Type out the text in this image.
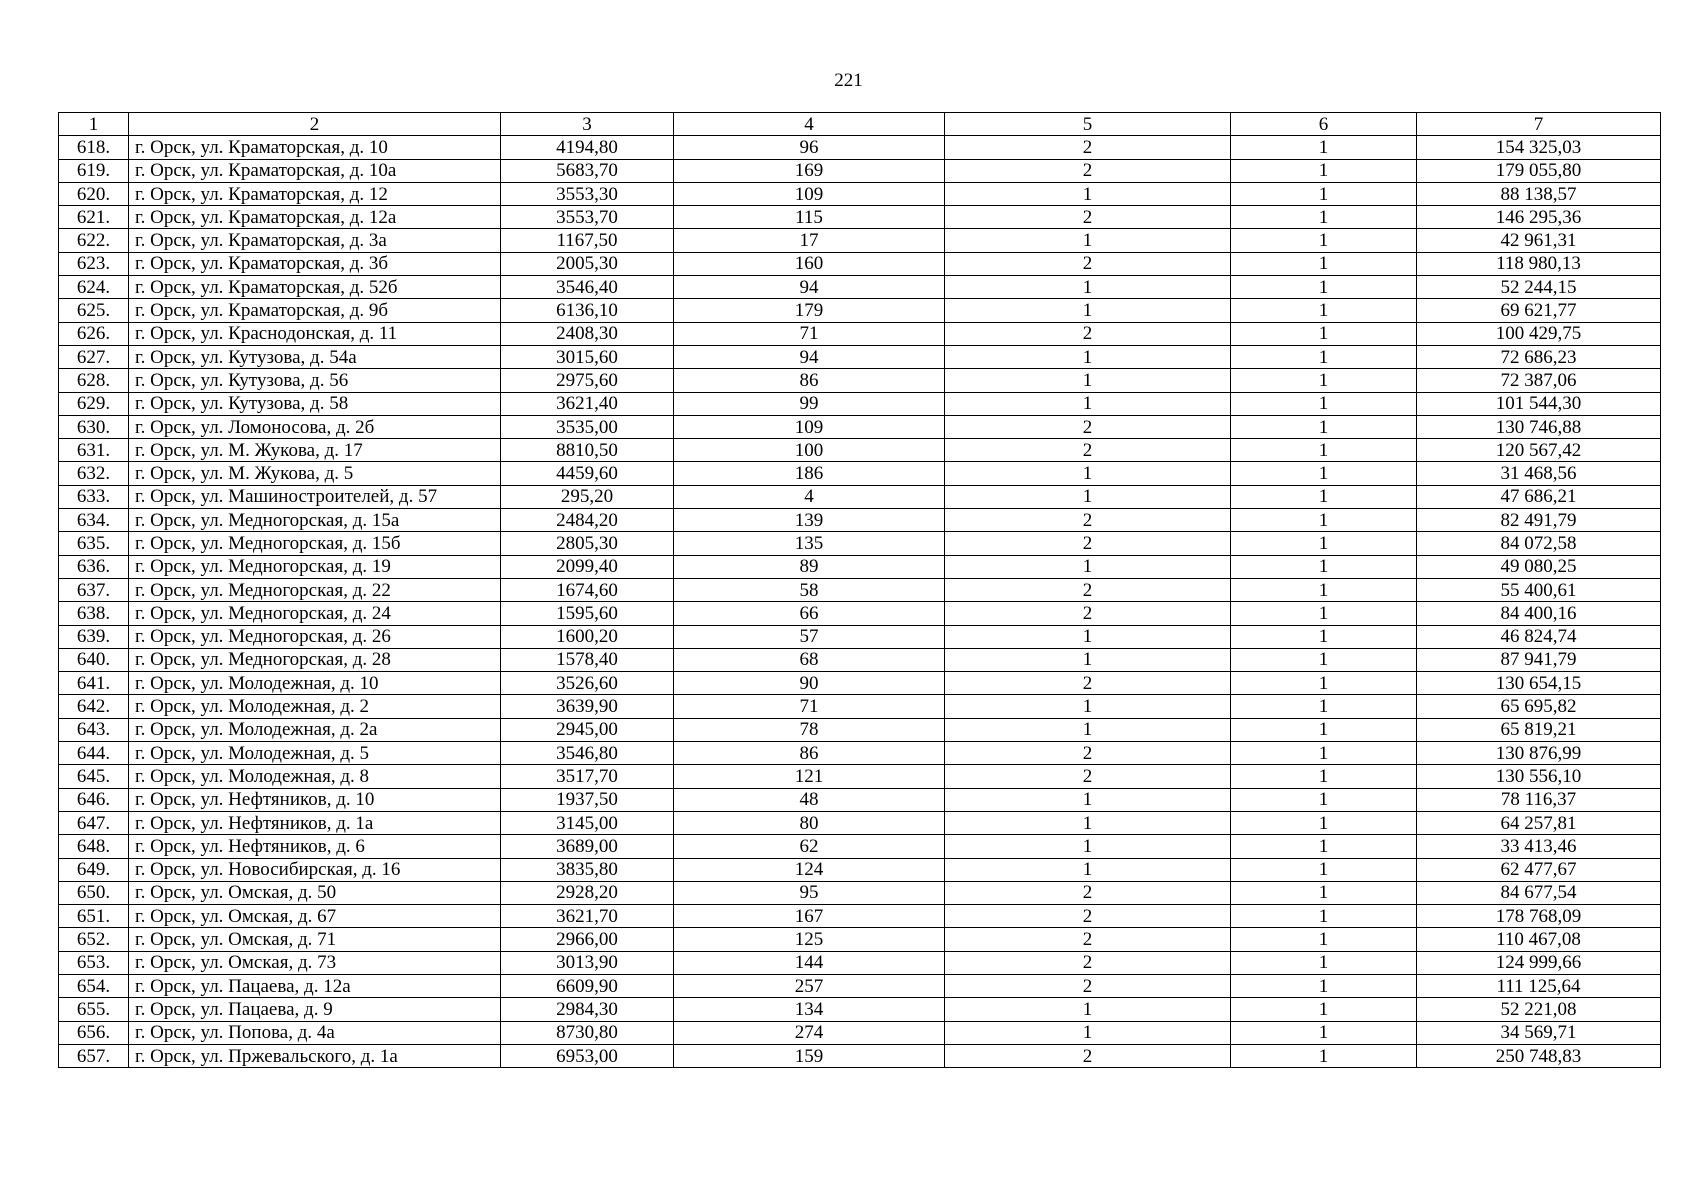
221
1	2	3	4	5	6	7
618.	г. Орск, ул. Краматорская, д. 10	4194,80	96	2	1	154 325,03
619.	г. Орск, ул. Краматорская, д. 10а	5683,70	169	2	1	179 055,80
620.	г. Орск, ул. Краматорская, д. 12	3553,30	109	1	1	88 138,57
621.	г. Орск, ул. Краматорская, д. 12а	3553,70	115	2	1	146 295,36
622.	г. Орск, ул. Краматорская, д. 3а	1167,50	17	1	1	42 961,31
623.	г. Орск, ул. Краматорская, д. 3б	2005,30	160	2	1	118 980,13
624.	г. Орск, ул. Краматорская, д. 52б	3546,40	94	1	1	52 244,15
625.	г. Орск, ул. Краматорская, д. 9б	6136,10	179	1	1	69 621,77
626.	г. Орск, ул. Краснодонская, д. 11	2408,30	71	2	1	100 429,75
627.	г. Орск, ул. Кутузова, д. 54а	3015,60	94	1	1	72 686,23
628.	г. Орск, ул. Кутузова, д. 56	2975,60	86	1	1	72 387,06
629.	г. Орск, ул. Кутузова, д. 58	3621,40	99	1	1	101 544,30
630.	г. Орск, ул. Ломоносова, д. 2б	3535,00	109	2	1	130 746,88
631.	г. Орск, ул. М. Жукова, д. 17	8810,50	100	2	1	120 567,42
632.	г. Орск, ул. М. Жукова, д. 5	4459,60	186	1	1	31 468,56
633.	г. Орск, ул. Машиностроителей, д. 57	295,20	4	1	1	47 686,21
634.	г. Орск, ул. Медногорская, д. 15а	2484,20	139	2	1	82 491,79
635.	г. Орск, ул. Медногорская, д. 15б	2805,30	135	2	1	84 072,58
636.	г. Орск, ул. Медногорская, д. 19	2099,40	89	1	1	49 080,25
637.	г. Орск, ул. Медногорская, д. 22	1674,60	58	2	1	55 400,61
638.	г. Орск, ул. Медногорская, д. 24	1595,60	66	2	1	84 400,16
639.	г. Орск, ул. Медногорская, д. 26	1600,20	57	1	1	46 824,74
640.	г. Орск, ул. Медногорская, д. 28	1578,40	68	1	1	87 941,79
641.	г. Орск, ул. Молодежная, д. 10	3526,60	90	2	1	130 654,15
642.	г. Орск, ул. Молодежная, д. 2	3639,90	71	1	1	65 695,82
643.	г. Орск, ул. Молодежная, д. 2а	2945,00	78	1	1	65 819,21
644.	г. Орск, ул. Молодежная, д. 5	3546,80	86	2	1	130 876,99
645.	г. Орск, ул. Молодежная, д. 8	3517,70	121	2	1	130 556,10
646.	г. Орск, ул. Нефтяников, д. 10	1937,50	48	1	1	78 116,37
647.	г. Орск, ул. Нефтяников, д. 1а	3145,00	80	1	1	64 257,81
648.	г. Орск, ул. Нефтяников, д. 6	3689,00	62	1	1	33 413,46
649.	г. Орск, ул. Новосибирская, д. 16	3835,80	124	1	1	62 477,67
650.	г. Орск, ул. Омская, д. 50	2928,20	95	2	1	84 677,54
651.	г. Орск, ул. Омская, д. 67	3621,70	167	2	1	178 768,09
652.	г. Орск, ул. Омская, д. 71	2966,00	125	2	1	110 467,08
653.	г. Орск, ул. Омская, д. 73	3013,90	144	2	1	124 999,66
654.	г. Орск, ул. Пацаева, д. 12а	6609,90	257	2	1	111 125,64
655.	г. Орск, ул. Пацаева, д. 9	2984,30	134	1	1	52 221,08
656.	г. Орск, ул. Попова, д. 4а	8730,80	274	1	1	34 569,71
657.	г. Орск, ул. Пржевальского, д. 1а	6953,00	159	2	1	250 748,83
